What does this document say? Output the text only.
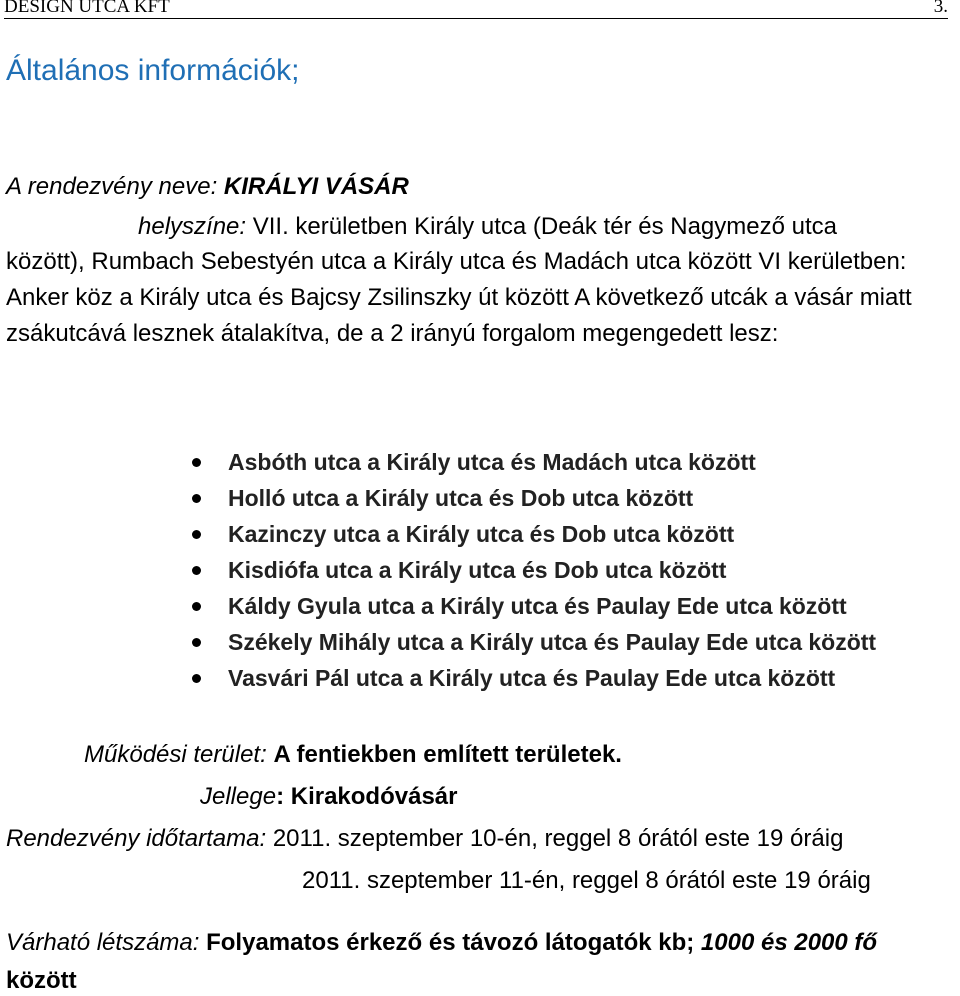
DESIGN UTCA KFT	3.
Általános információk;
A rendezvény neve: KIRÁLYI VÁSÁR
helyszíne: VII. kerületben Király utca (Deák tér és Nagymező utca
között), Rumbach Sebestyén utca a Király utca és Madách utca között VI kerületben: Anker köz a Király utca és Bajcsy Zsilinszky út között A következő utcák a vásár miatt zsákutcává lesznek átalakítva, de a 2 irányú forgalom megengedett lesz:
Asbóth utca a Király utca és Madách utca között
Holló utca a Király utca és Dob utca között
Kazinczy utca a Király utca és Dob utca között
Kisdiófa utca a Király utca és Dob utca között
Káldy Gyula utca a Király utca és Paulay Ede utca között
Székely Mihály utca a Király utca és Paulay Ede utca között
Vasvári Pál utca a Király utca és Paulay Ede utca között
Működési terület: A fentiekben említett területek.
Jellege: Kirakodóvásár
Rendezvény időtartama: 2011. szeptember 10-én, reggel 8 órától este 19 óráig
2011. szeptember 11-én, reggel 8 órától este 19 óráig
Várható létszáma: Folyamatos érkező és távozó látogatók kb; 1000 és 2000 fő
között
